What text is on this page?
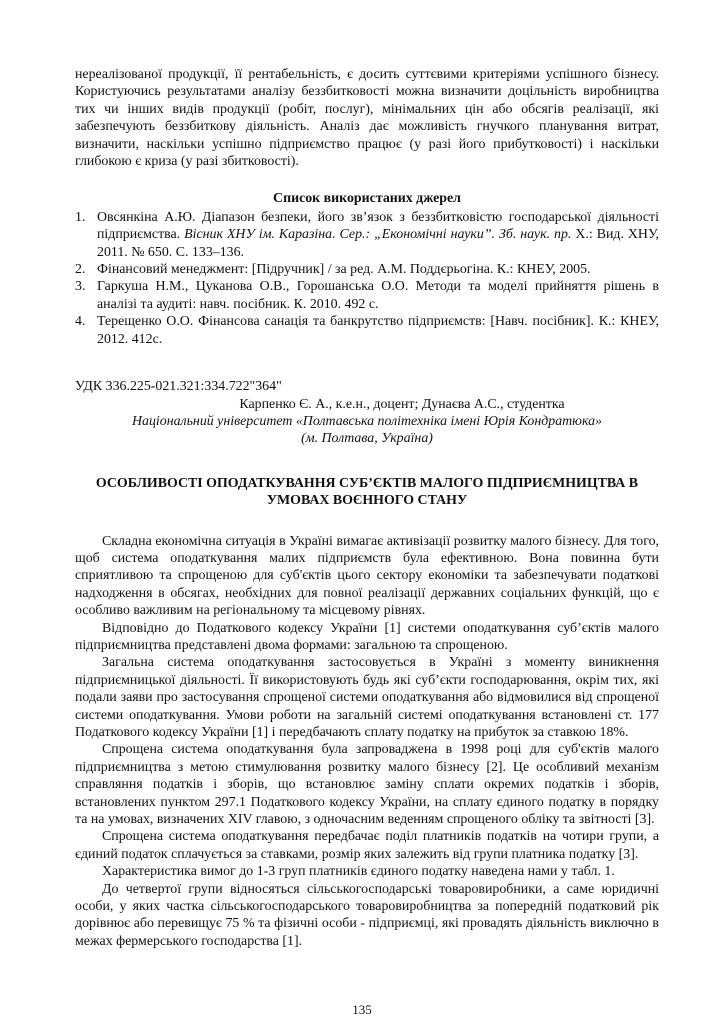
нереалізованої продукції, її рентабельність, є досить суттєвими критеріями успішного бізнесу. Користуючись результатами аналізу беззбитковості можна визначити доцільність виробництва тих чи інших видів продукції (робіт, послуг), мінімальних цін або обсягів реалізації, які забезпечують беззбиткову діяльність. Аналіз дає можливість гнучкого планування витрат, визначити, наскільки успішно підприємство працює (у разі його прибутковості) і наскільки глибокою є криза (у разі збитковості).

Список використаних джерел

1. Овсянкіна А.Ю. Діапазон безпеки, його зв’язок з беззбитковістю господарської діяльності підприємства. Вісник ХНУ ім. Каразіна. Сер.: „Економічні науки”. Зб. наук. пр. Х.: Вид. ХНУ, 2011. № 650. С. 133–136.
2. Фінансовий менеджмент: [Підручник] / за ред. А.М. Поддєрьогіна. К.: КНЕУ, 2005.
3. Гаркуша Н.М., Цуканова О.В., Горошанська О.О. Методи та моделі прийняття рішень в аналізі та аудиті: навч. посібник. К. 2010. 492 с.
4. Терещенко О.О. Фінансова санація та банкрутство підприємств: [Навч. посібник]. К.: КНЕУ, 2012. 412с.

УДК 336.225-021.321:334.722"364"

Карпенко Є. А., к.е.н., доцент; Дунаєва А.С., студентка

Національний університет «Полтавська політехніка імені Юрія Кондратюка»

(м. Полтава, Україна)

ОСОБЛИВОСТІ ОПОДАТКУВАННЯ СУБ’ЄКТІВ МАЛОГО ПІДПРИЄМНИЦТВА В
УМОВАХ ВОЄННОГО СТАНУ

Складна економічна ситуація в Україні вимагає активізації розвитку малого бізнесу. Для того, щоб система оподаткування малих підприємств була ефективною. Вона повинна бути сприятливою та спрощеною для суб'єктів цього сектору економіки та забезпечувати податкові надходження в обсягах, необхідних для повної реалізації державних соціальних функцій, що є особливо важливим на регіональному та місцевому рівнях.

Відповідно до Податкового кодексу України [1] системи оподаткування суб’єктів малого підприємництва представлені двома формами: загальною та спрощеною.

Загальна система оподаткування застосовується в Україні з моменту виникнення підприємницької діяльності. Її використовують будь які суб’єкти господарювання, окрім тих, які подали заяви про застосування спрощеної системи оподаткування або відмовилися від спрощеної системи оподаткування. Умови роботи на загальній системі оподаткування встановлені ст. 177 Податкового кодексу України [1] і передбачають сплату податку на прибуток за ставкою 18%.

Спрощена система оподаткування була запроваджена в 1998 році для суб'єктів малого підприємництва з метою стимулювання розвитку малого бізнесу [2]. Це особливий механізм справляння податків і зборів, що встановлює заміну сплати окремих податків і зборів, встановлених пунктом 297.1 Податкового кодексу України, на сплату єдиного податку в порядку та на умовах, визначених XIV главою, з одночасним веденням спрощеного обліку та звітності [3].

Спрощена система оподаткування передбачає поділ платників податків на чотири групи, а єдиний податок сплачується за ставками, розмір яких залежить від групи платника податку [3].

Характеристика вимог до 1-3 груп платників єдиного податку наведена нами у табл. 1.

До четвертої групи відносяться сільськогосподарські товаровиробники, а саме юридичні особи, у яких частка сільськогосподарського товаровиробництва за попередній податковий рік дорівнює або перевищує 75 % та фізичні особи - підприємці, які провадять діяльність виключно в межах фермерського господарства [1].

135
